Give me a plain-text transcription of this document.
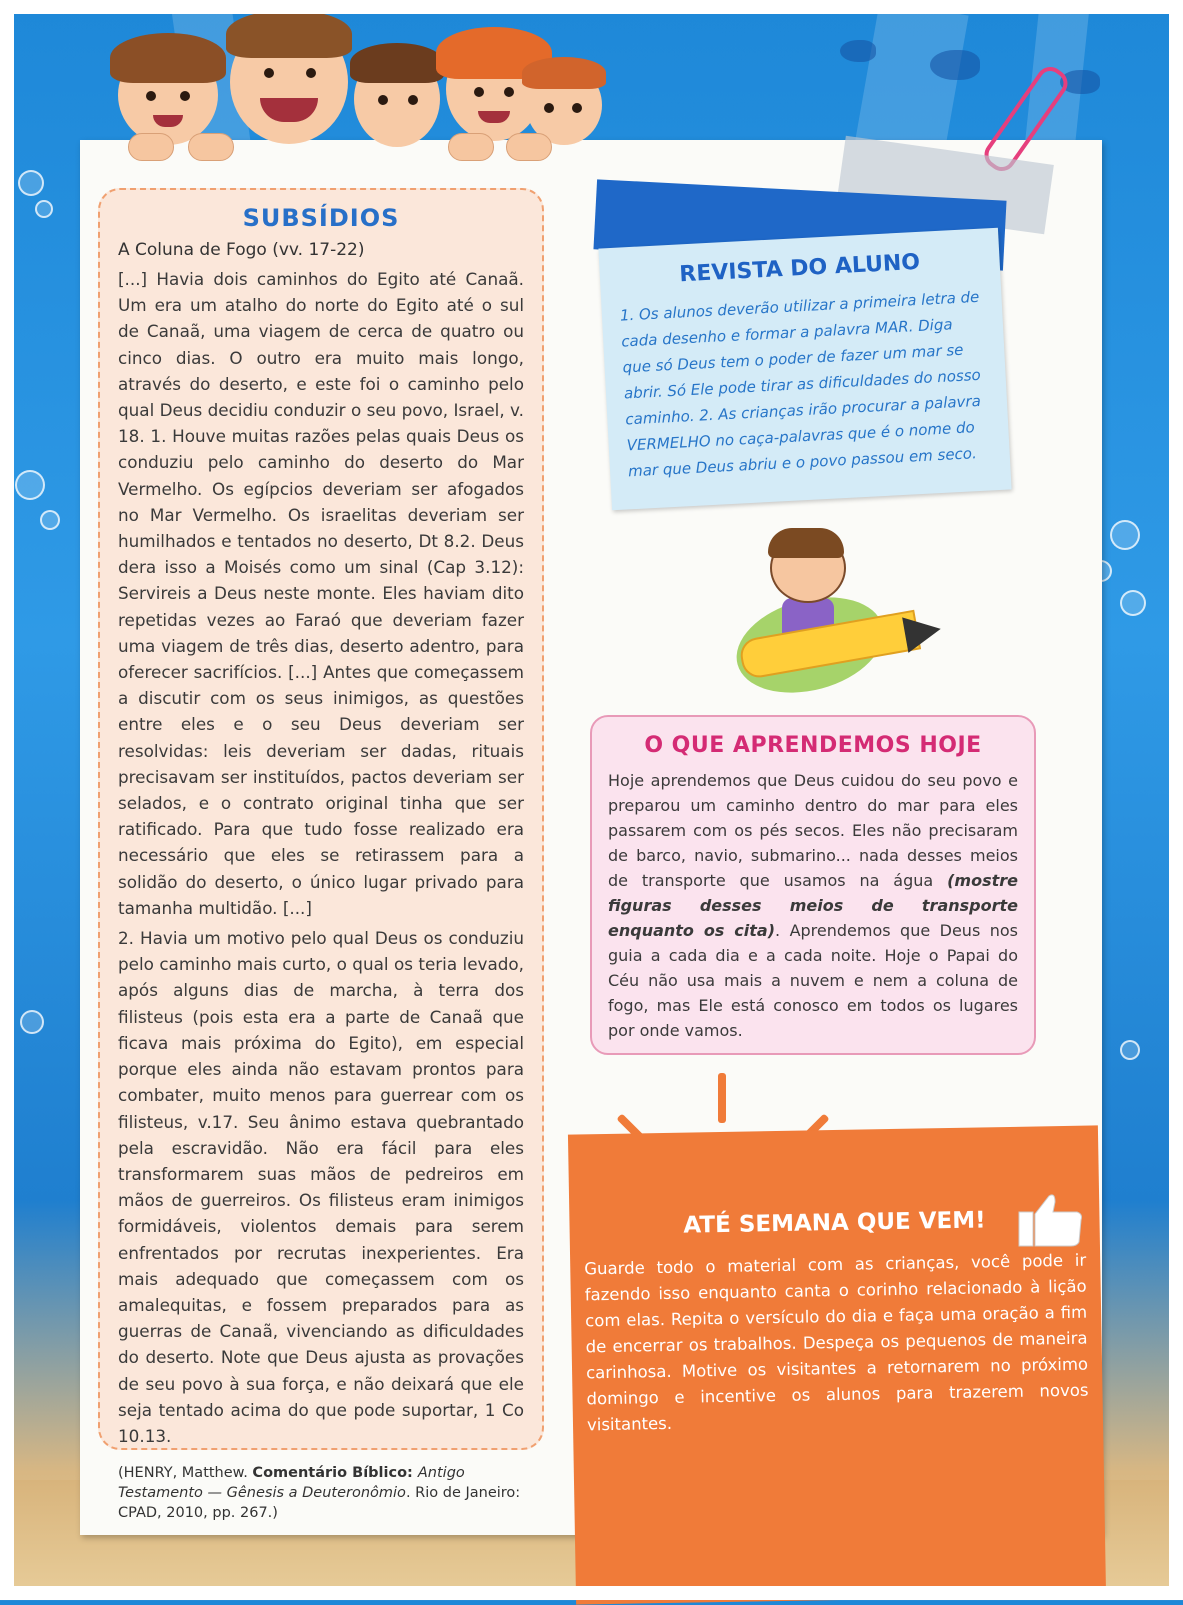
SUBSÍDIOS
A Coluna de Fogo (vv. 17-22)

[...] Havia dois caminhos do Egito até Canaã. Um era um atalho do norte do Egito até o sul de Canaã, uma viagem de cerca de quatro ou cinco dias. O outro era muito mais longo, através do deserto, e este foi o caminho pelo qual Deus decidiu conduzir o seu povo, Israel, v. 18. 1. Houve muitas razões pelas quais Deus os conduziu pelo caminho do deserto do Mar Vermelho. Os egípcios deveriam ser afogados no Mar Vermelho. Os israelitas deveriam ser humilhados e tentados no deserto, Dt 8.2. Deus dera isso a Moisés como um sinal (Cap 3.12): Servireis a Deus neste monte. Eles haviam dito repetidas vezes ao Faraó que deveriam fazer uma viagem de três dias, deserto adentro, para oferecer sacrifícios. [...] Antes que começassem a discutir com os seus inimigos, as questões entre eles e o seu Deus deveriam ser resolvidas: leis deveriam ser dadas, rituais precisavam ser instituídos, pactos deveriam ser selados, e o contrato original tinha que ser ratificado. Para que tudo fosse realizado era necessário que eles se retirassem para a solidão do deserto, o único lugar privado para tamanha multidão. [...]

2. Havia um motivo pelo qual Deus os conduziu pelo caminho mais curto, o qual os teria levado, após alguns dias de marcha, à terra dos filisteus (pois esta era a parte de Canaã que ficava mais próxima do Egito), em especial porque eles ainda não estavam prontos para combater, muito menos para guerrear com os filisteus, v.17. Seu ânimo estava quebrantado pela escravidão. Não era fácil para eles transformarem suas mãos de pedreiros em mãos de guerreiros. Os filisteus eram inimigos formidáveis, violentos demais para serem enfrentados por recrutas inexperientes. Era mais adequado que começassem com os amalequitas, e fossem preparados para as guerras de Canaã, vivenciando as dificuldades do deserto. Note que Deus ajusta as provações de seu povo à sua força, e não deixará que ele seja tentado acima do que pode suportar, 1 Co 10.13.

(HENRY, Matthew. Comentário Bíblico: Antigo Testamento — Gênesis a Deuteronômio. Rio de Janeiro: CPAD, 2010, pp. 267.)
REVISTA DO ALUNO

1. Os alunos deverão utilizar a primeira letra de cada desenho e formar a palavra MAR. Diga que só Deus tem o poder de fazer um mar se abrir. Só Ele pode tirar as dificuldades do nosso caminho. 2. As crianças irão procurar a palavra VERMELHO no caça-palavras que é o nome do mar que Deus abriu e o povo passou em seco.

O QUE APRENDEMOS HOJE

Hoje aprendemos que Deus cuidou do seu povo e preparou um caminho dentro do mar para eles passarem com os pés secos. Eles não precisaram de barco, navio, submarino... nada desses meios de transporte que usamos na água (mostre figuras desses meios de transporte enquanto os cita). Aprendemos que Deus nos guia a cada dia e a cada noite. Hoje o Papai do Céu não usa mais a nuvem e nem a coluna de fogo, mas Ele está conosco em todos os lugares por onde vamos.

ATÉ SEMANA QUE VEM!

Guarde todo o material com as crianças, você pode ir fazendo isso enquanto canta o corinho relacionado à lição com elas. Repita o versículo do dia e faça uma oração a fim de encerrar os trabalhos. Despeça os pequenos de maneira carinhosa. Motive os visitantes a retornarem no próximo domingo e incentive os alunos para trazerem novos visitantes.
